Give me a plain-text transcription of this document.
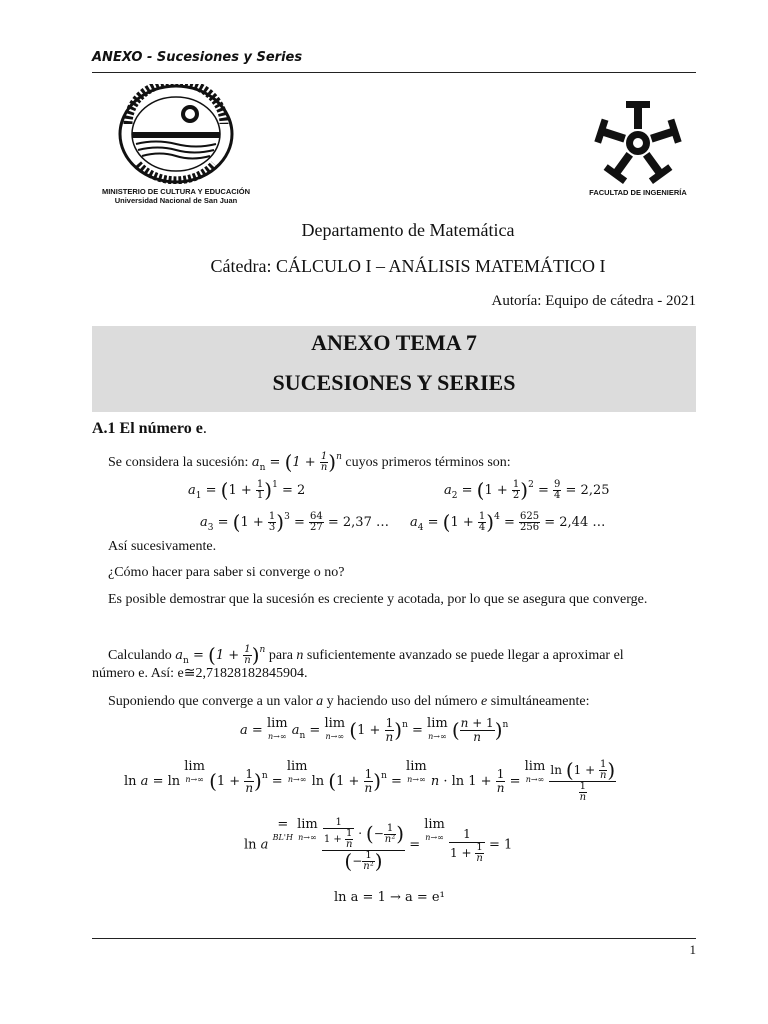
ANEXO - Sucesiones y Series
MINISTERIO DE CULTURA Y EDUCACIÓN
Universidad Nacional de San Juan
FACULTAD DE INGENIERÍA
Departamento de Matemática
Cátedra: CÁLCULO I – ANÁLISIS MATEMÁTICO I
Autoría: Equipo de cátedra - 2021
ANEXO TEMA 7
SUCESIONES Y SERIES
A.1 El número e.
Se considera la sucesión: $a_n = (1 + \frac{1}{n} )^n$ cuyos primeros términos son:
$a_1 = (1 + \frac{1}{1} )^1 = 2$	$a_2 = (1 + \frac{1}{2} )^2 = \frac{9}{4} = 2,25$
$a_3 = (1 + \frac{1}{3} )^3 = \frac{64}{27} = 2,37$ … $a_4 = (1 + \frac{1}{4} )^4 = \frac{625}{256} = 2,44$ …
Así sucesivamente.
¿Cómo hacer para saber si converge o no?
Es posible demostrar que la sucesión es creciente y acotada, por lo que se asegura que converge.
Calculando $a_n = (1 + \frac{1}{n} )^n$ para n suficientemente avanzado se puede llegar a aproximar el
número e. Así: e≅2,71828182845904.
Suponiendo que converge a un valor a y haciendo uso del número e simultáneamente:
a = lim
n→∞ $a_n = \lim$
n→∞ $(1 + \frac{1}{n} )^n = \lim$
n→∞ ( $\frac{n + 1}{n} )^n$
ln a = ln
lim
n→∞ $(1 + \frac{1}{n} )^n$ =
lim
n→∞ $\ln (1 + \frac{1}{n} )^n$ =
lim
n→∞ $n \cdot \ln 1 + \frac{1}{n}$ =
lim
n→∞
$\frac{\ln (1 + \frac{1}{n} )}{\frac{1}{n}}$
ln a
=
BL'H

lim
n→∞
$\frac{\frac{1}{1 + \frac{1}{n}} \cdot (- \frac{1}{\text{n²}} )}{(- \frac{1}{\text{n²}} )}$ =
lim
n→∞
$\frac{1}{1 + \frac{1}{n}} = 1$
ln a = 1 → a = e¹
1
